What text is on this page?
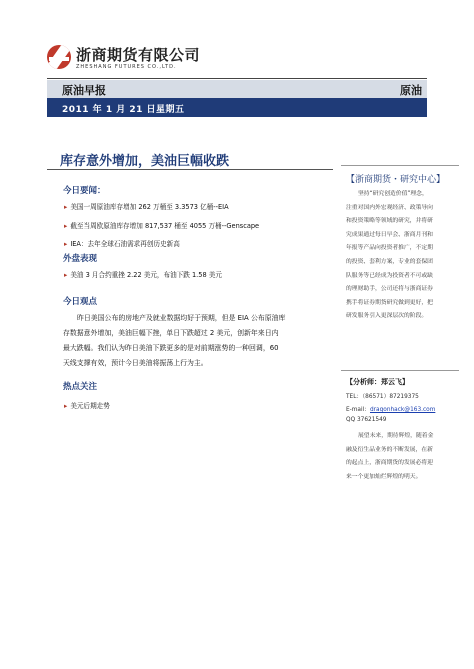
浙商期货有限公司
ZHESHANG FUTURES CO.,LTD.
原油早报	原油
2011 年 1 月 21 日星期五
库存意外增加，美油巨幅收跌
今日要闻：
▸ 美国一周原油库存增加 262 万桶至 3.3573 亿桶--EIA
▸ 截至当周欧原油库存增加 817,537 桶至 4055 万桶--Genscape
▸ IEA：去年全球石油需求再创历史新高
外盘表现
▸ 美油 3 月合约重挫 2.22 美元，布油下跌 1.58 美元
今日观点

昨日美国公布的房地产及就业数据均好于预期，但是 EIA 公布原油库

存数据意外增加，美油巨幅下挫，单日下跌超过 2 美元，创新年来日内

最大跌幅。我们认为昨日美油下跌更多的是对前期涨势的一种回调，60

天线支撑有效，预计今日美油将振荡上行为主。

热点关注
▸ 美元后期走势
【浙商期货・研究中心】

坚持“研究创造价值”理念，
注重对国内外宏观经济、政策导向
和投资策略等领域的研究，并将研
究成果通过每日早会、浙商月刊和
年报等产品向投资者推广，不定期
的投资、套利方案，专业的套保团
队服务等已经成为投资者不可或缺
的理财助手，公司还将与浙商证券
携手将证券期货研究做到更好，把
研发服务引入更深层次的阶段。

【分析师：郑云飞】
TEL：（86571）87219375
E-mail：dragonhack@163.com
QQ 37621549

展望未来，期待辉煌，随着金

融及衍生品业务的不断发展，在新

的起点上，浙商期货的发展必将迎

来一个更加灿烂辉煌的明天。
